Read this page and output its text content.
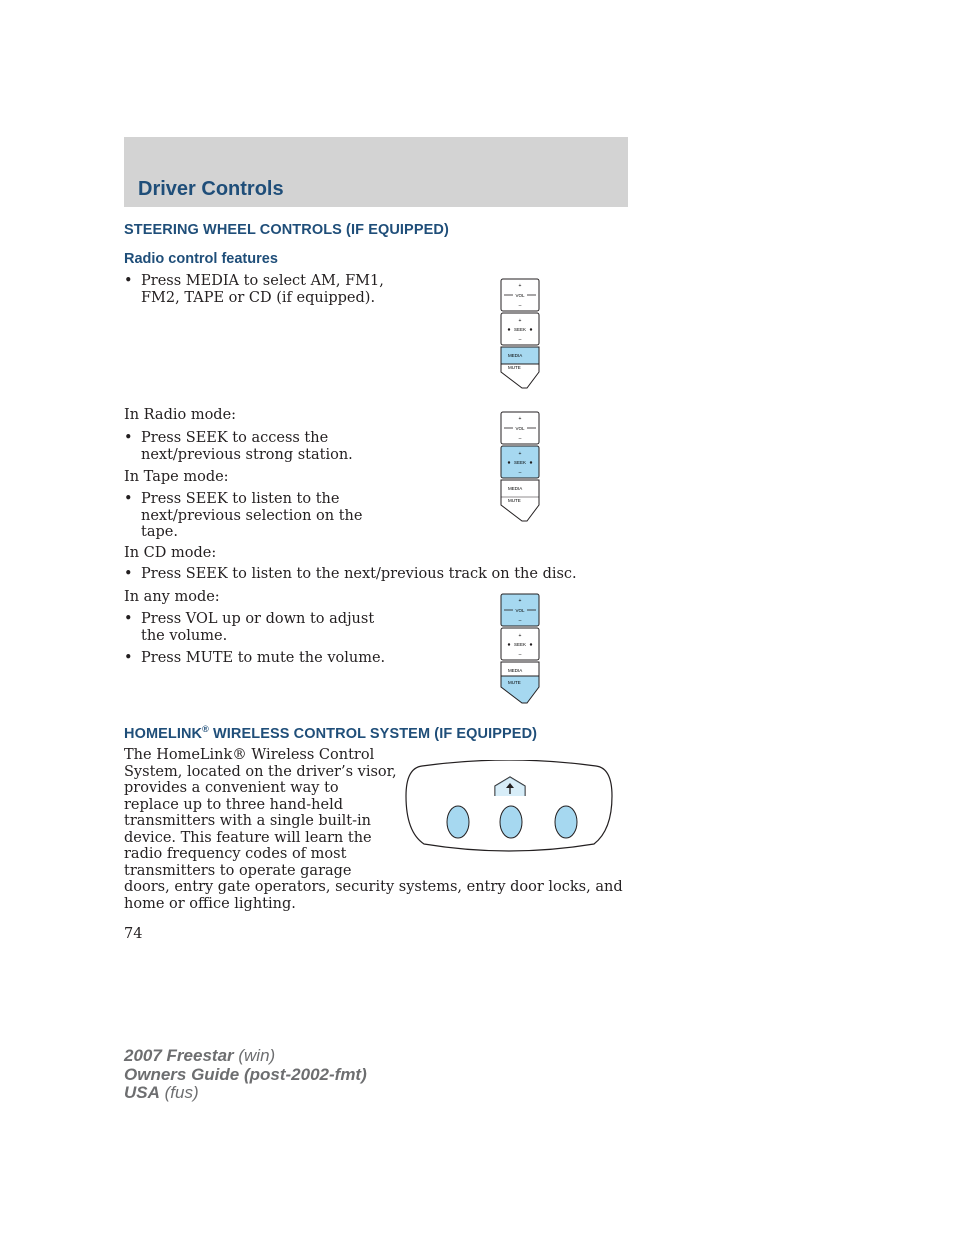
Driver Controls
STEERING WHEEL CONTROLS (IF EQUIPPED)
Radio control features
• Press MEDIA to select AM, FM1,
FM2, TAPE or CD (if equipped).
+
VOL
–
+
SEEK
–
MEDIA
MUTE

In Radio mode:

• Press SEEK to access the
next/previous strong station.

In Tape mode:

• Press SEEK to listen to the
next/previous selection on the
tape.
+
VOL
–
+
SEEK
–
MEDIA
MUTE

In CD mode:

• Press SEEK to listen to the next/previous track on the disc.

In any mode:

• Press VOL up or down to adjust
the volume.
• Press MUTE to mute the volume.
+
VOL
–
+
SEEK
–
MEDIA
MUTE
HOMELINK® WIRELESS CONTROL SYSTEM (IF EQUIPPED)
The HomeLink® Wireless Control
System, located on the driver’s visor,
provides a convenient way to
replace up to three hand-held
transmitters with a single built-in
device. This feature will learn the
radio frequency codes of most
transmitters to operate garage
doors, entry gate operators, security systems, entry door locks, and
home or office lighting.

74

2007 Freestar (win)
Owners Guide (post-2002-fmt)
USA (fus)
